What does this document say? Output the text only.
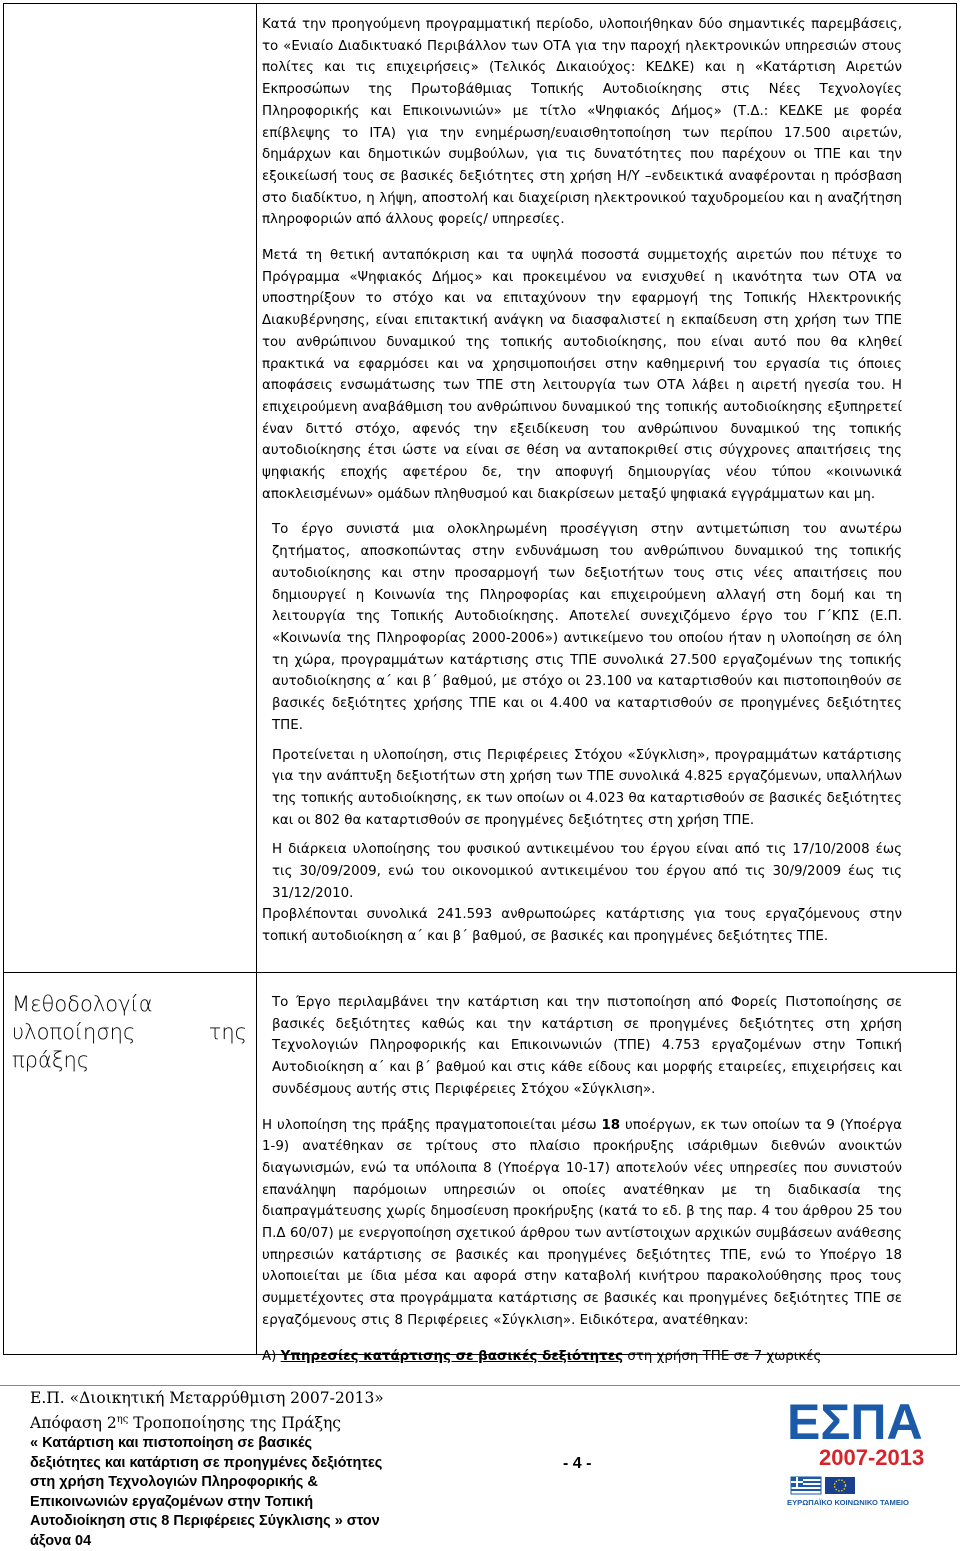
Κατά την προηγούμενη προγραμματική περίοδο, υλοποιήθηκαν δύο σημαντικές παρεμβάσεις, το «Ενιαίο Διαδικτυακό Περιβάλλον των ΟΤΑ για την παροχή ηλεκτρονικών υπηρεσιών στους πολίτες και τις επιχειρήσεις» (Τελικός Δικαιούχος: ΚΕΔΚΕ) και η «Κατάρτιση Αιρετών Εκπροσώπων της Πρωτοβάθμιας Τοπικής Αυτοδιοίκησης στις Νέες Τεχνολογίες Πληροφορικής και Επικοινωνιών» με τίτλο «Ψηφιακός Δήμος» (Τ.Δ.: ΚΕΔΚΕ με φορέα επίβλεψης το ΙΤΑ) για την ενημέρωση/ευαισθητοποίηση των περίπου 17.500 αιρετών, δημάρχων και δημοτικών συμβούλων, για τις δυνατότητες που παρέχουν οι ΤΠΕ και την εξοικείωσή τους σε βασικές δεξιότητες στη χρήση Η/Υ –ενδεικτικά αναφέρονται η πρόσβαση στο διαδίκτυο, η λήψη, αποστολή και διαχείριση ηλεκτρονικού ταχυδρομείου και η αναζήτηση πληροφοριών από άλλους φορείς/ υπηρεσίες.

Μετά τη θετική ανταπόκριση και τα υψηλά ποσοστά συμμετοχής αιρετών που πέτυχε το Πρόγραμμα «Ψηφιακός Δήμος» και προκειμένου να ενισχυθεί η ικανότητα των ΟΤΑ να υποστηρίξουν το στόχο και να επιταχύνουν την εφαρμογή της Τοπικής Ηλεκτρονικής Διακυβέρνησης, είναι επιτακτική ανάγκη να διασφαλιστεί η εκπαίδευση στη χρήση των ΤΠΕ του ανθρώπινου δυναμικού της τοπικής αυτοδιοίκησης, που είναι αυτό που θα κληθεί πρακτικά να εφαρμόσει και να χρησιμοποιήσει στην καθημερινή του εργασία τις όποιες αποφάσεις ενσωμάτωσης των ΤΠΕ στη λειτουργία των ΟΤΑ λάβει η αιρετή ηγεσία του. Η επιχειρούμενη αναβάθμιση του ανθρώπινου δυναμικού της τοπικής αυτοδιοίκησης εξυπηρετεί έναν διττό στόχο, αφενός την εξειδίκευση του ανθρώπινου δυναμικού της τοπικής αυτοδιοίκησης έτσι ώστε να είναι σε θέση να ανταποκριθεί στις σύγχρονες απαιτήσεις της ψηφιακής εποχής αφετέρου δε, την αποφυγή δημιουργίας νέου τύπου «κοινωνικά αποκλεισμένων» ομάδων πληθυσμού και διακρίσεων μεταξύ ψηφιακά εγγράμματων και μη.

Το έργο συνιστά μια ολοκληρωμένη προσέγγιση στην αντιμετώπιση του ανωτέρω ζητήματος, αποσκοπώντας στην ενδυνάμωση του ανθρώπινου δυναμικού της τοπικής αυτοδιοίκησης και στην προσαρμογή των δεξιοτήτων τους στις νέες απαιτήσεις που δημιουργεί η Κοινωνία της Πληροφορίας και επιχειρούμενη αλλαγή στη δομή και τη λειτουργία της Τοπικής Αυτοδιοίκησης. Αποτελεί συνεχιζόμενο έργο του Γ΄ΚΠΣ (Ε.Π. «Κοινωνία της Πληροφορίας 2000-2006») αντικείμενο του οποίου ήταν η υλοποίηση σε όλη τη χώρα, προγραμμάτων κατάρτισης στις ΤΠΕ συνολικά 27.500 εργαζομένων της τοπικής αυτοδιοίκησης α΄ και β΄ βαθμού, με στόχο οι 23.100 να καταρτισθούν και πιστοποιηθούν σε βασικές δεξιότητες χρήσης ΤΠΕ και οι 4.400 να καταρτισθούν σε προηγμένες δεξιότητες ΤΠΕ.

Προτείνεται η υλοποίηση, στις Περιφέρειες Στόχου «Σύγκλιση», προγραμμάτων κατάρτισης για την ανάπτυξη δεξιοτήτων στη χρήση των ΤΠΕ συνολικά 4.825 εργαζόμενων, υπαλλήλων της τοπικής αυτοδιοίκησης, εκ των οποίων οι 4.023 θα καταρτισθούν σε βασικές δεξιότητες και οι 802 θα καταρτισθούν σε προηγμένες δεξιότητες στη χρήση ΤΠΕ.

Η διάρκεια υλοποίησης του φυσικού αντικειμένου του έργου είναι από τις 17/10/2008 έως τις 30/09/2009, ενώ του οικονομικού αντικειμένου του έργου από τις 30/9/2009 έως τις 31/12/2010.

Προβλέπονται συνολικά 241.593 ανθρωποώρες κατάρτισης για τους εργαζόμενους στην τοπική αυτοδιοίκηση α΄ και β΄ βαθμού, σε βασικές και προηγμένες δεξιότητες ΤΠΕ.

Μεθοδολογία
υλοποίησης	της
πράξης

Το Έργο περιλαμβάνει την κατάρτιση και την πιστοποίηση από Φορείς Πιστοποίησης σε βασικές δεξιότητες καθώς και την κατάρτιση σε προηγμένες δεξιότητες στη χρήση Τεχνολογιών Πληροφορικής και Επικοινωνιών (ΤΠΕ) 4.753 εργαζομένων στην Τοπική Αυτοδιοίκηση α΄ και β΄ βαθμού και στις κάθε είδους και μορφής εταιρείες, επιχειρήσεις και συνδέσμους αυτής στις Περιφέρειες Στόχου «Σύγκλιση».

Η υλοποίηση της πράξης πραγματοποιείται μέσω 18 υποέργων, εκ των οποίων τα 9 (Υποέργα 1-9) ανατέθηκαν σε τρίτους στο πλαίσιο προκήρυξης ισάριθμων διεθνών ανοικτών διαγωνισμών, ενώ τα υπόλοιπα 8 (Υποέργα 10-17) αποτελούν νέες υπηρεσίες που συνιστούν επανάληψη παρόμοιων υπηρεσιών οι οποίες ανατέθηκαν με τη διαδικασία της διαπραγμάτευσης χωρίς δημοσίευση προκήρυξης (κατά το εδ. β της παρ. 4 του άρθρου 25 του Π.Δ 60/07) με ενεργοποίηση σχετικού άρθρου των αντίστοιχων αρχικών συμβάσεων ανάθεσης υπηρεσιών κατάρτισης σε βασικές και προηγμένες δεξιότητες ΤΠΕ, ενώ το Υποέργο 18 υλοποιείται με ίδια μέσα και αφορά στην καταβολή κινήτρου παρακολούθησης προς τους συμμετέχοντες στα προγράμματα κατάρτισης σε βασικές και προηγμένες δεξιότητες ΤΠΕ σε εργαζόμενους στις 8 Περιφέρειες «Σύγκλιση». Ειδικότερα, ανατέθηκαν:

Α) Υπηρεσίες κατάρτισης σε βασικές δεξιότητες στη χρήση ΤΠΕ σε 7 χωρικές

Ε.Π. «Διοικητική Μεταρρύθμιση 2007-2013»
Απόφαση $2^{\eta\varsigma}$ Τροποποίησης της Πράξης
« Κατάρτιση και πιστοποίηση σε βασικές
δεξιότητες και κατάρτιση σε προηγμένες δεξιότητες
στη χρήση Τεχνολογιών Πληροφορικής &
Επικοινωνιών εργαζομένων στην Τοπική
Αυτοδιοίκηση στις 8 Περιφέρειες Σύγκλισης » στον
άξονα 04
- 4 -
ΕΣΠΑ
2007-2013
ΕΥΡΩΠΑΪΚΟ ΚΟΙΝΩΝΙΚΟ ΤΑΜΕΙΟ
